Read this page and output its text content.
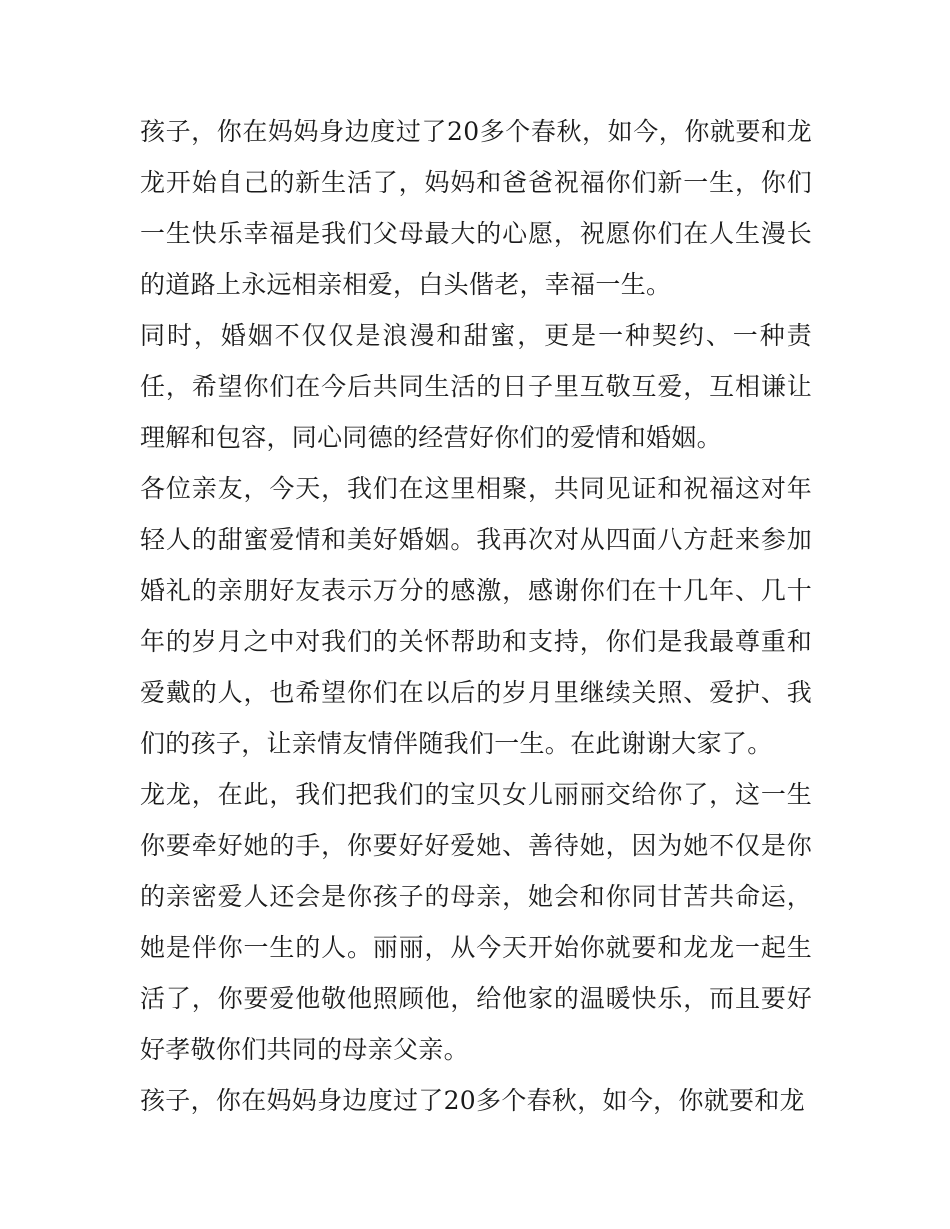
孩子，你在妈妈身边度过了20多个春秋，如今，你就要和龙龙开始自己的新生活了，妈妈和爸爸祝福你们新一生，你们一生快乐幸福是我们父母最大的心愿，祝愿你们在人生漫长的道路上永远相亲相爱，白头偕老，幸福一生。

同时，婚姻不仅仅是浪漫和甜蜜，更是一种契约、一种责任，希望你们在今后共同生活的日子里互敬互爱，互相谦让理解和包容，同心同德的经营好你们的爱情和婚姻。

各位亲友，今天，我们在这里相聚，共同见证和祝福这对年轻人的甜蜜爱情和美好婚姻。我再次对从四面八方赶来参加婚礼的亲朋好友表示万分的感激，感谢你们在十几年、几十年的岁月之中对我们的关怀帮助和支持，你们是我最尊重和爱戴的人，也希望你们在以后的岁月里继续关照、爱护、我们的孩子，让亲情友情伴随我们一生。在此谢谢大家了。

龙龙，在此，我们把我们的宝贝女儿丽丽交给你了，这一生你要牵好她的手，你要好好爱她、善待她，因为她不仅是你的亲密爱人还会是你孩子的母亲，她会和你同甘苦共命运，她是伴你一生的人。丽丽，从今天开始你就要和龙龙一起生活了，你要爱他敬他照顾他，给他家的温暖快乐，而且要好好孝敬你们共同的母亲父亲。

孩子，你在妈妈身边度过了20多个春秋，如今，你就要和龙
